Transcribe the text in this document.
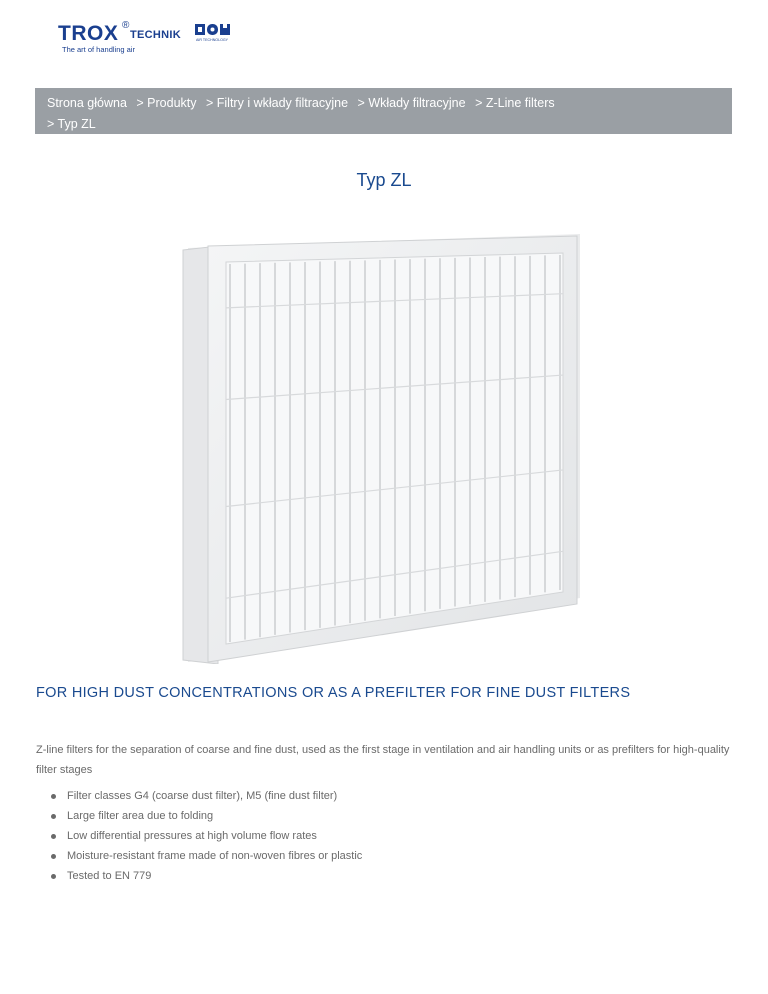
TROX ®
TECHNIK
The art of handling air
AIR TECHNOLOGY
Strona główna > Produkty > Filtry i wkłady filtracyjne > Wkłady filtracyjne > Z-Line filters
> Typ ZL
Typ ZL
FOR HIGH DUST CONCENTRATIONS OR AS A PREFILTER FOR FINE DUST FILTERS

Z-line filters for the separation of coarse and fine dust, used as the first stage in ventilation and air handling units or as prefilters for high-quality filter stages

Filter classes G4 (coarse dust filter), M5 (fine dust filter)
Large filter area due to folding
Low differential pressures at high volume flow rates
Moisture-resistant frame made of non-woven fibres or plastic
Tested to EN 779
